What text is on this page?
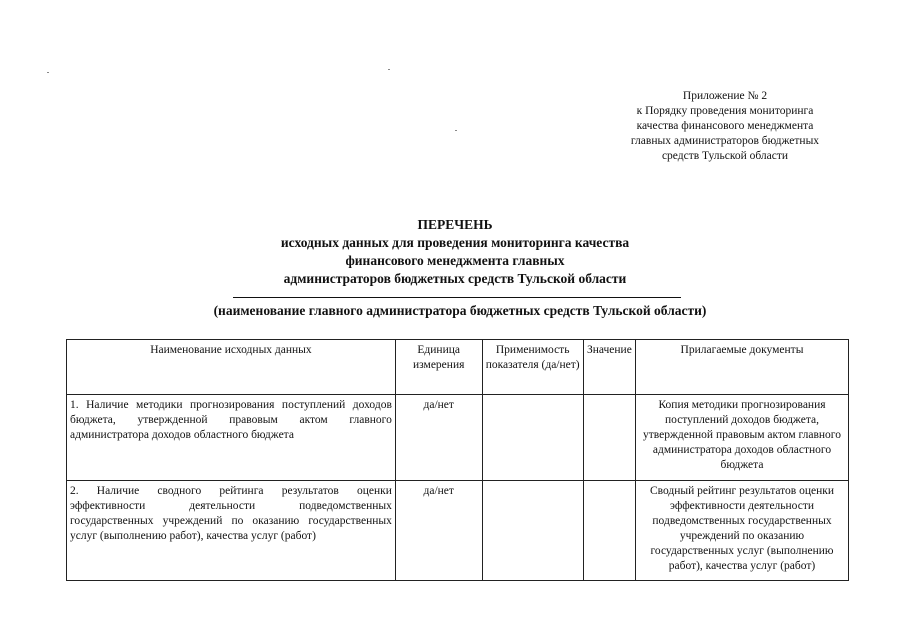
Приложение № 2
к Порядку проведения мониторинга
качества финансового менеджмента
главных администраторов бюджетных
средств Тульской области
ПЕРЕЧЕНЬ
исходных данных для проведения мониторинга качества
финансового менеджмента главных
администраторов бюджетных средств Тульской области
(наименование главного администратора бюджетных средств Тульской области)
Наименование исходных данных	Единица измерения	Применимость показателя (да/нет)	Значение	Прилагаемые документы
1. Наличие методики прогнозирования поступлений доходов бюджета, утвержденной правовым актом главного администратора доходов областного бюджета	да/нет			Копия методики прогнозирования поступлений доходов бюджета, утвержденной правовым актом главного администратора доходов областного бюджета
2. Наличие сводного рейтинга результатов оценки эффективности деятельности подведомственных государственных учреждений по оказанию государственных услуг (выполнению работ), качества услуг (работ)	да/нет			Сводный рейтинг результатов оценки эффективности деятельности подведомственных государственных учреждений по оказанию государственных услуг (выполнению работ), качества услуг (работ)
